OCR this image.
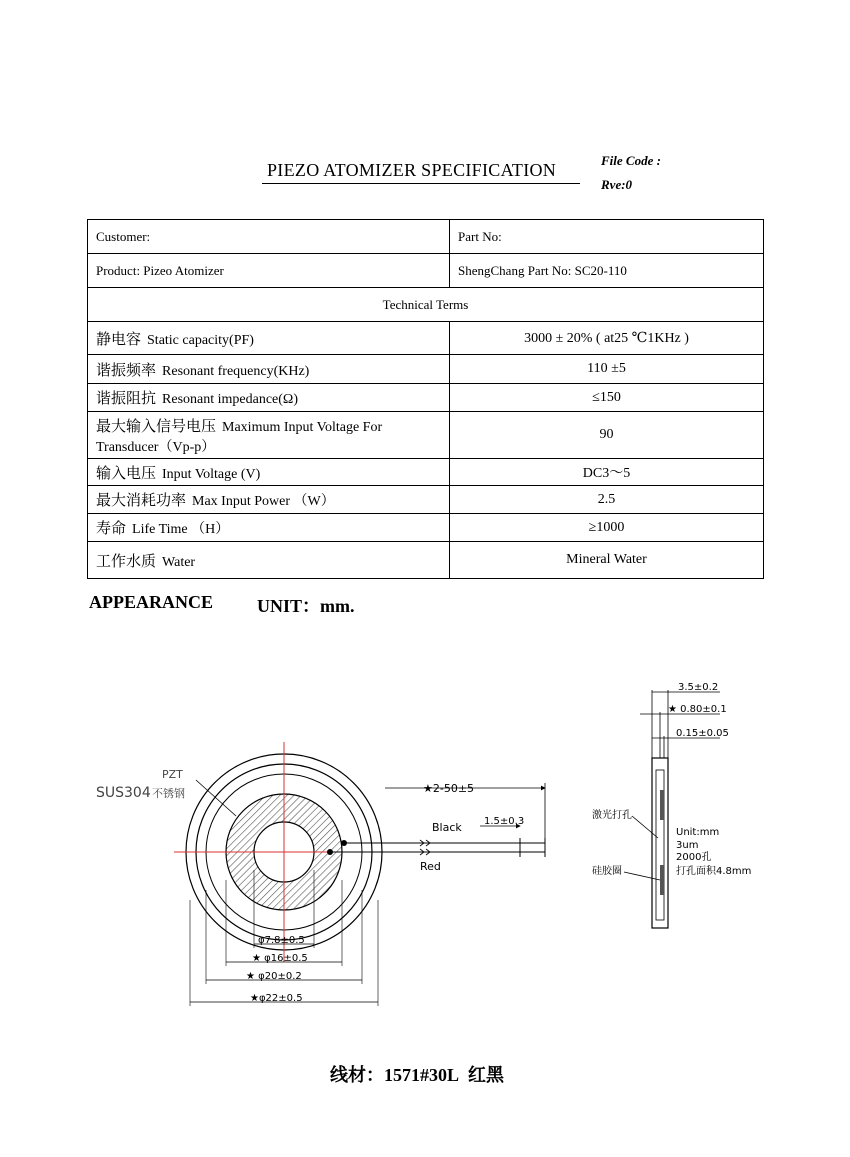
PIEZO ATOMIZER SPECIFICATION	File Code :
Rve:0
Customer:	Part No:
Product: Pizeo Atomizer	ShengChang Part No: SC20-110
Technical Terms	
静电容 Static capacity(PF)	3000 ± 20% ( at25 ℃1KHz )
谐振频率 Resonant frequency(KHz)	110 ±5
谐振阻抗 Resonant impedance(Ω)	≤150
最大输入信号电压 Maximum Input Voltage For
Transducer（Vp-p）	90
输入电压 Input Voltage (V)	DC3～5
最大消耗功率 Max Input Power （W）	2.5
寿命 Life Time （H）	≥1000
工作水质 Water	Mineral Water
APPEARANCE UNIT：mm.
★2-50±5
1.5±0.3
Black
Red
PZT
SUS304 不锈钢
φ7.8±0.5
★ φ16±0.5
★ φ20±0.2
★φ22±0.5
3.5±0.2
★ 0.80±0.1
0.15±0.05
激光打孔
硅胶圈
Unit:mm
3um
2000孔
打孔面积4.8mm
线材：1571#30L 红黑
